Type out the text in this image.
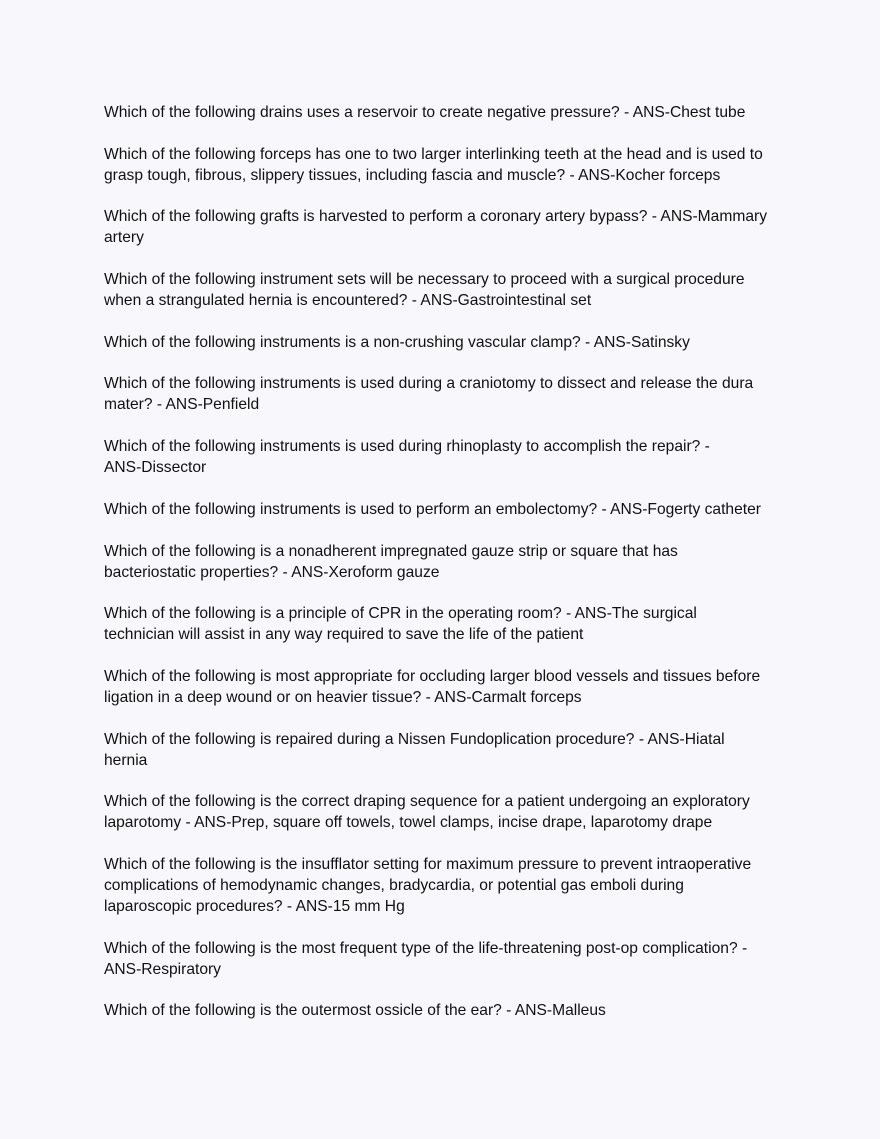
Which of the following drains uses a reservoir to create negative pressure? - ANS-Chest tube
Which of the following forceps has one to two larger interlinking teeth at the head and is used to
grasp tough, fibrous, slippery tissues, including fascia and muscle? - ANS-Kocher forceps
Which of the following grafts is harvested to perform a coronary artery bypass? - ANS-Mammary
artery
Which of the following instrument sets will be necessary to proceed with a surgical procedure
when a strangulated hernia is encountered? - ANS-Gastrointestinal set
Which of the following instruments is a non-crushing vascular clamp? - ANS-Satinsky
Which of the following instruments is used during a craniotomy to dissect and release the dura
mater? - ANS-Penfield
Which of the following instruments is used during rhinoplasty to accomplish the repair? -
ANS-Dissector
Which of the following instruments is used to perform an embolectomy? - ANS-Fogerty catheter
Which of the following is a nonadherent impregnated gauze strip or square that has
bacteriostatic properties? - ANS-Xeroform gauze
Which of the following is a principle of CPR in the operating room? - ANS-The surgical
technician will assist in any way required to save the life of the patient
Which of the following is most appropriate for occluding larger blood vessels and tissues before
ligation in a deep wound or on heavier tissue? - ANS-Carmalt forceps
Which of the following is repaired during a Nissen Fundoplication procedure? - ANS-Hiatal
hernia
Which of the following is the correct draping sequence for a patient undergoing an exploratory
laparotomy - ANS-Prep, square off towels, towel clamps, incise drape, laparotomy drape
Which of the following is the insufflator setting for maximum pressure to prevent intraoperative
complications of hemodynamic changes, bradycardia, or potential gas emboli during
laparoscopic procedures? - ANS-15 mm Hg
Which of the following is the most frequent type of the life-threatening post-op complication? -
ANS-Respiratory
Which of the following is the outermost ossicle of the ear? - ANS-Malleus
